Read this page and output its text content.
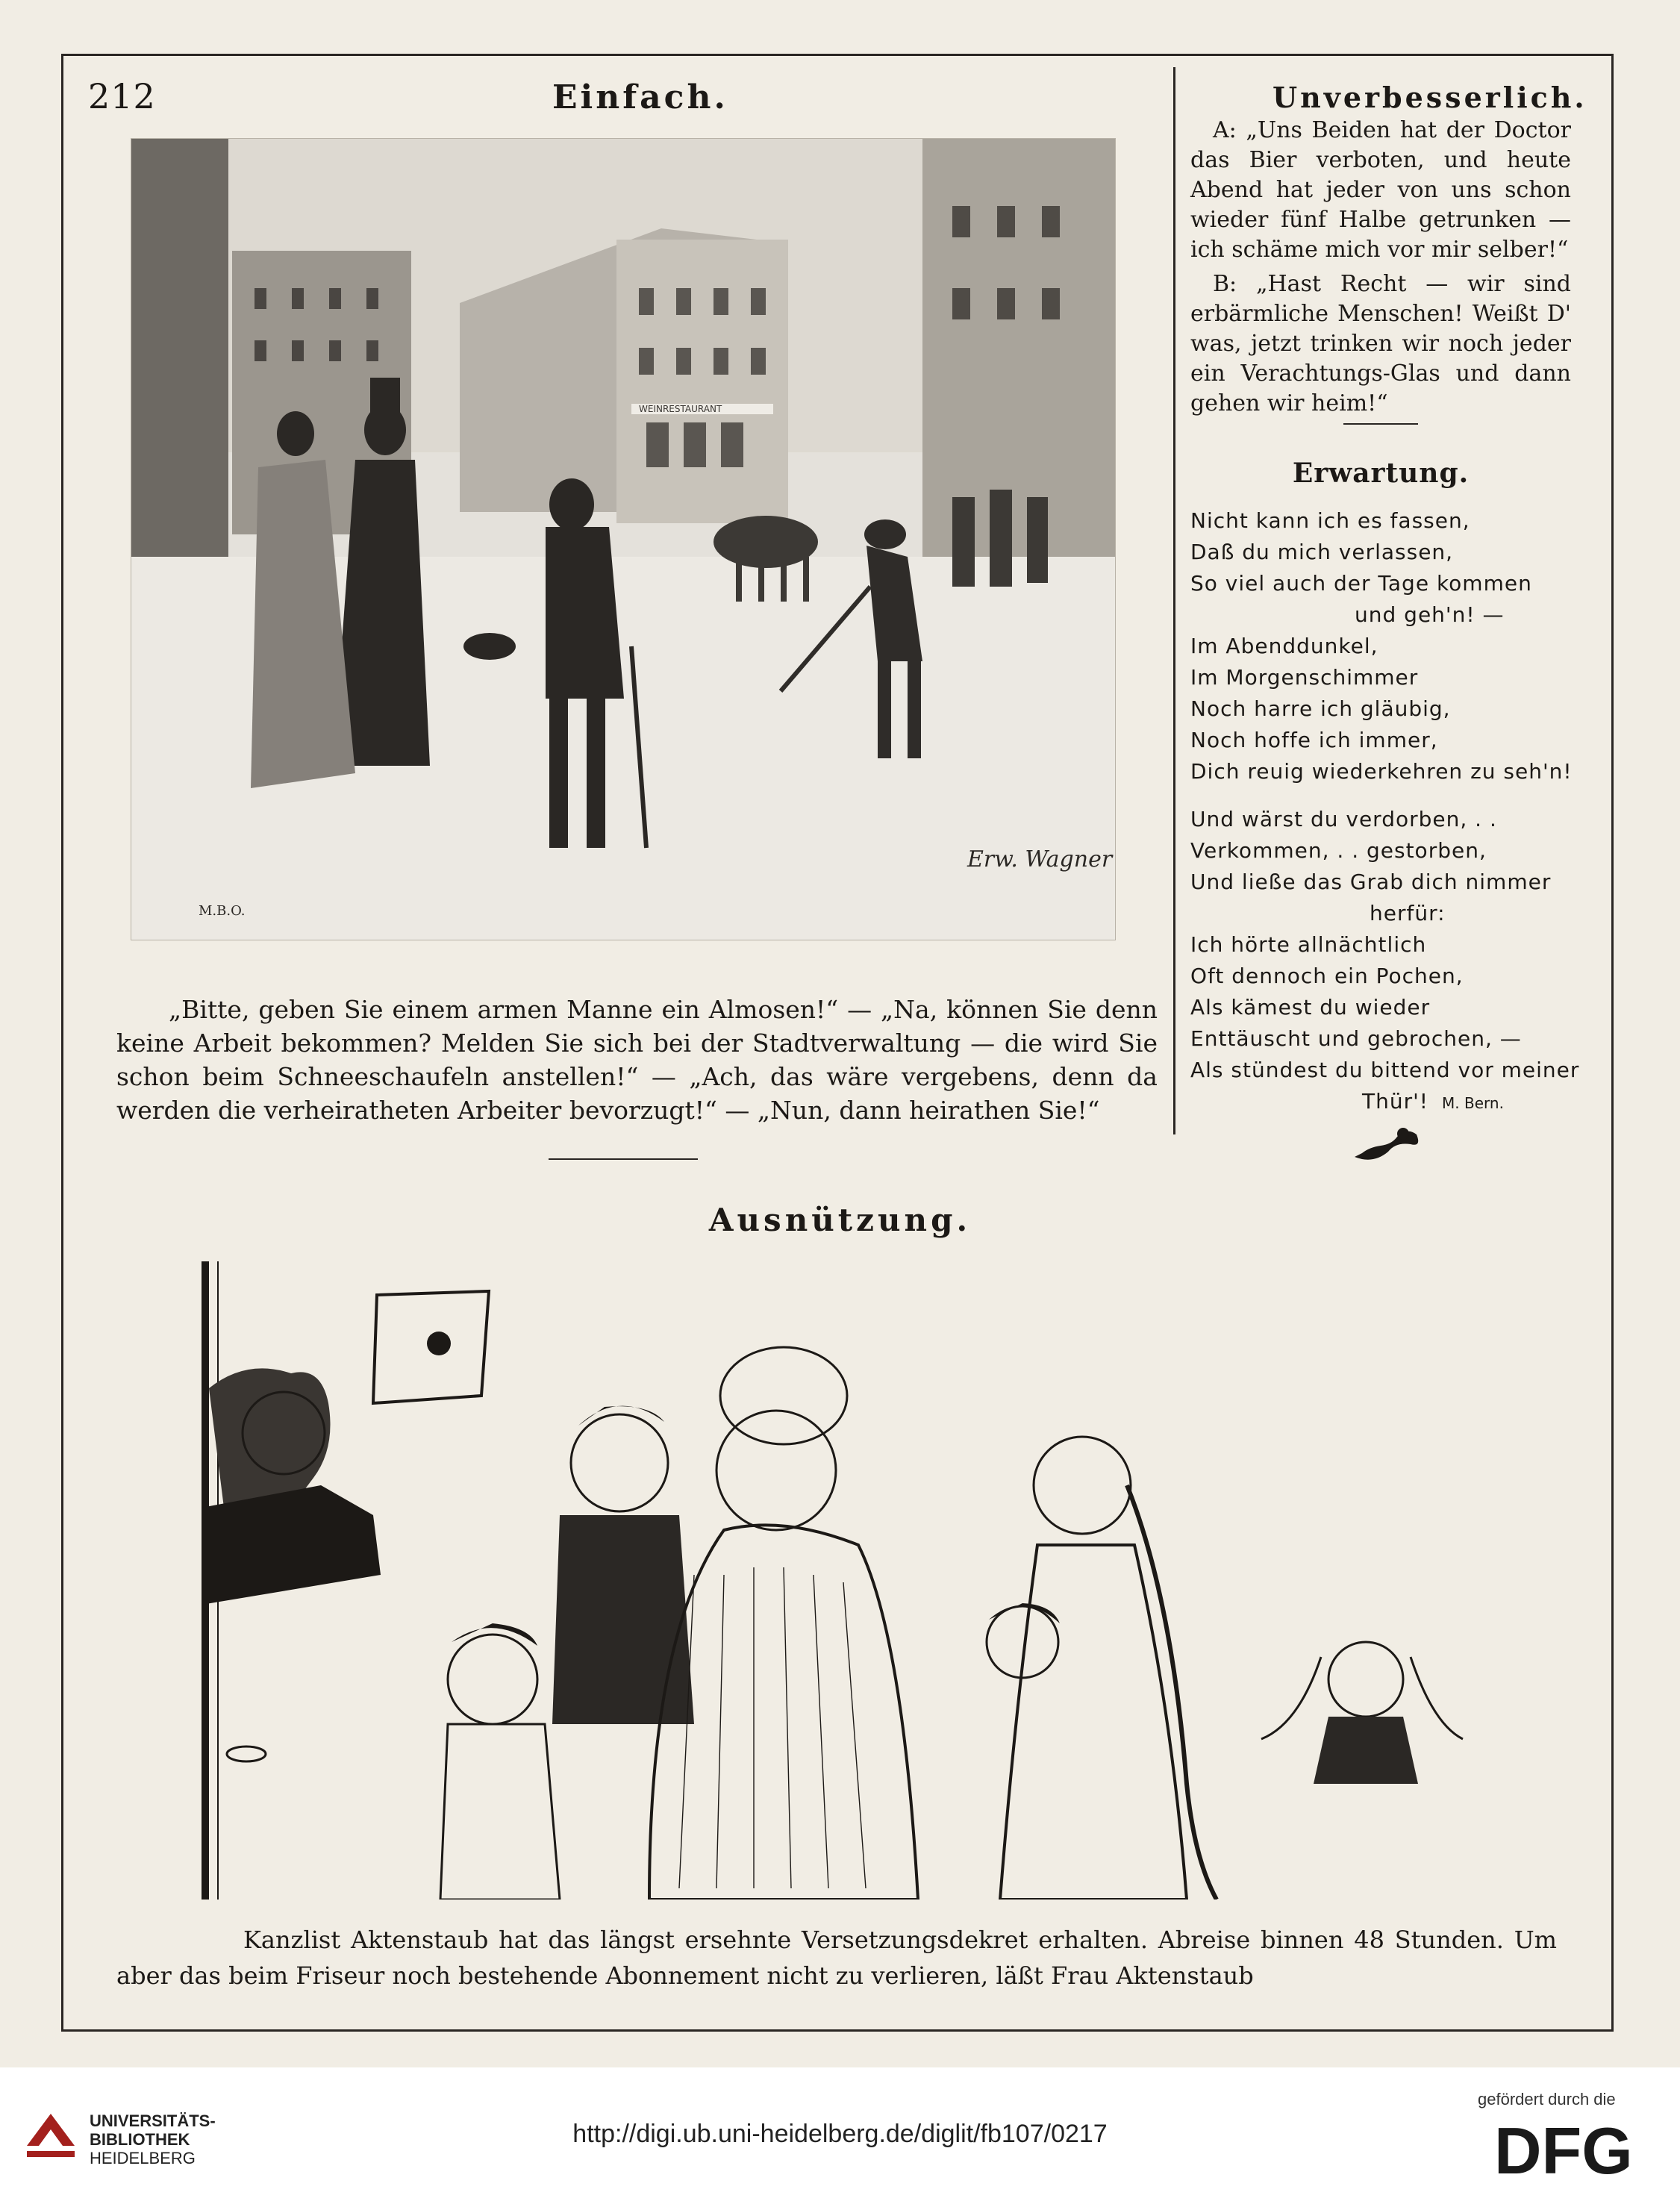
212	Einfach.
Erw. Wagner
M.B.O.
WEINRESTAURANT

„Bitte, geben Sie einem armen Manne ein Almosen!“ — „Na, können Sie denn keine Arbeit bekommen? Melden Sie sich bei der Stadtverwaltung — die wird Sie schon beim Schneeschaufeln anstellen!“ — „Ach, das wäre vergebens, denn da werden die verheiratheten Arbeiter bevorzugt!“ — „Nun, dann heirathen Sie!“

Unverbesserlich.

A: „Uns Beiden hat der Doctor das Bier verboten, und heute Abend hat jeder von uns schon wieder fünf Halbe getrunken — ich schäme mich vor mir selber!“

B: „Hast Recht — wir sind erbärmliche Menschen! Weißt D' was, jetzt trinken wir noch jeder ein Verachtungs-Glas und dann gehen wir heim!“

Erwartung.
Nicht kann ich es fassen,
Daß du mich verlassen,
So viel auch der Tage kommen
und geh'n! —
Im Abenddunkel,
Im Morgenschimmer
Noch harre ich gläubig,
Noch hoffe ich immer,
Dich reuig wiederkehren zu seh'n!
Und wärst du verdorben, . .
Verkommen, . . gestorben,
Und ließe das Grab dich nimmer
herfür:
Ich hörte allnächtlich
Oft dennoch ein Pochen,
Als kämest du wieder
Enttäuscht und gebrochen, —
Als stündest du bittend vor meiner
Thür'! M. Bern.
Ausnützung.

Kanzlist Aktenstaub hat das längst ersehnte Versetzungsdekret erhalten. Abreise binnen 48 Stunden. Um aber das beim Friseur noch bestehende Abonnement nicht zu verlieren, läßt Frau Aktenstaub

UNIVERSITÄTS-
BIBLIOTHEK
HEIDELBERG
http://digi.ub.uni-heidelberg.de/diglit/fb107/0217
gefördert durch die
DFG
